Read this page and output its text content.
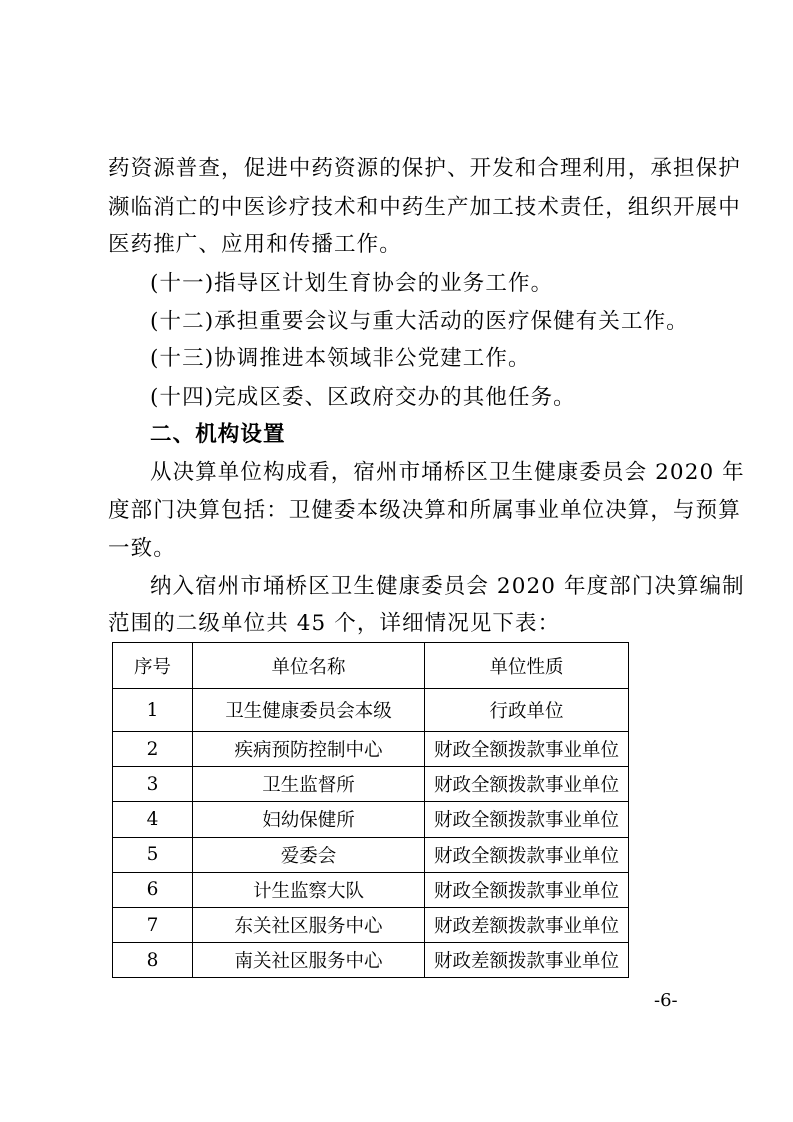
药资源普查，促进中药资源的保护、开发和合理利用，承担保护
濒临消亡的中医诊疗技术和中药生产加工技术责任，组织开展中
医药推广、应用和传播工作。
(十一)指导区计划生育协会的业务工作。
(十二)承担重要会议与重大活动的医疗保健有关工作。
(十三)协调推进本领域非公党建工作。
(十四)完成区委、区政府交办的其他任务。
二、机构设置
从决算单位构成看，宿州市埇桥区卫生健康委员会 2020 年
度部门决算包括：卫健委本级决算和所属事业单位决算，与预算
一致。
纳入宿州市埇桥区卫生健康委员会 2020 年度部门决算编制
范围的二级单位共 45 个，详细情况见下表：
序号	单位名称	单位性质
1	卫生健康委员会本级	行政单位
2	疾病预防控制中心	财政全额拨款事业单位
3	卫生监督所	财政全额拨款事业单位
4	妇幼保健所	财政全额拨款事业单位
5	爱委会	财政全额拨款事业单位
6	计生监察大队	财政全额拨款事业单位
7	东关社区服务中心	财政差额拨款事业单位
8	南关社区服务中心	财政差额拨款事业单位
-6-
